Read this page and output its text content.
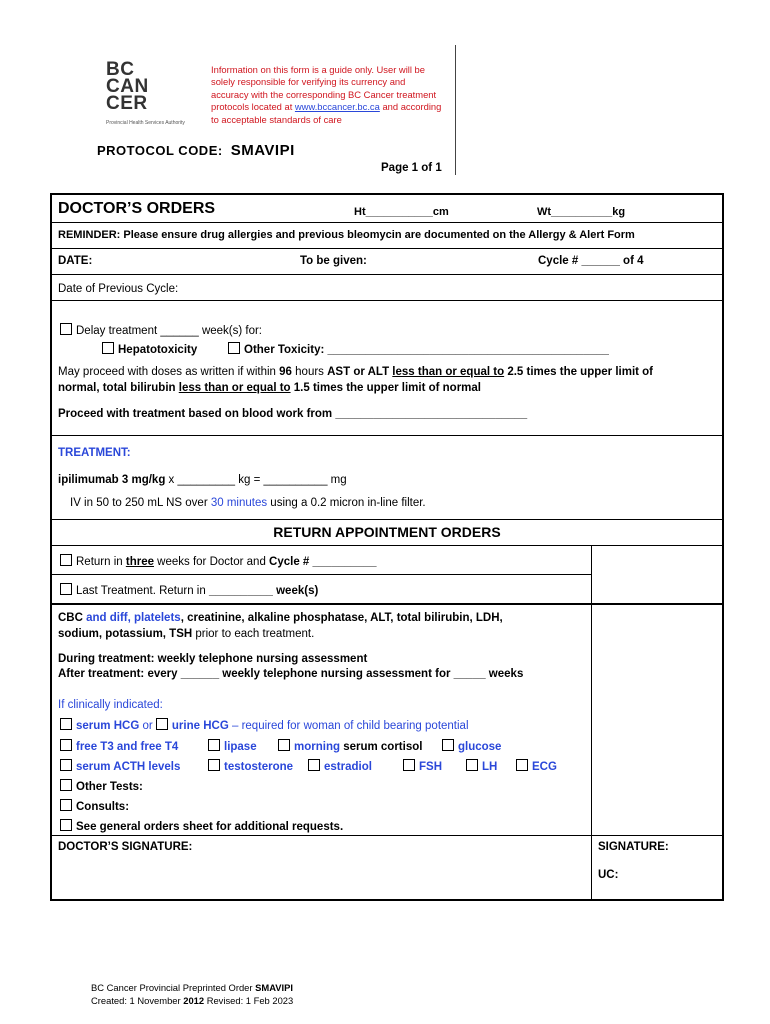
BC
CAN
CER
Provincial Health Services Authority
Information on this form is a guide only. User will be solely responsible for verifying its currency and accuracy with the corresponding BC Cancer treatment protocols located at www.bccancer.bc.ca and according to acceptable standards of care
PROTOCOL CODE: SMAVIPI
Page 1 of 1
DOCTOR’S ORDERS	Ht___________cm	Wt__________kg
REMINDER: Please ensure drug allergies and previous bleomycin are documented on the Allergy & Alert Form
DATE:	To be given:	Cycle # ______ of 4
Date of Previous Cycle:
Delay treatment ______ week(s) for:
Hepatotoxicity	Other Toxicity: ____________________________________________
May proceed with doses as written if within 96 hours AST or ALT less than or equal to 2.5 times the upper limit of
normal, total bilirubin less than or equal to 1.5 times the upper limit of normal
Proceed with treatment based on blood work from ______________________________
TREATMENT:
ipilimumab 3 mg/kg x _________ kg = __________ mg
IV in 50 to 250 mL NS over 30 minutes using a 0.2 micron in-line filter.
RETURN APPOINTMENT ORDERS
Return in three weeks for Doctor and Cycle # __________
Last Treatment. Return in __________ week(s)
CBC and diff, platelets, creatinine, alkaline phosphatase, ALT, total bilirubin, LDH,
sodium, potassium, TSH prior to each treatment.
During treatment: weekly telephone nursing assessment
After treatment: every ______ weekly telephone nursing assessment for _____ weeks
If clinically indicated:
serum HCG or urine HCG – required for woman of child bearing potential
free T3 and free T4	lipase	morning serum cortisol	glucose
serum ACTH levels	testosterone	estradiol	FSH	LH	ECG
Other Tests:
Consults:
See general orders sheet for additional requests.
DOCTOR’S SIGNATURE:	SIGNATURE:
UC:
BC Cancer Provincial Preprinted Order SMAVIPI
Created: 1 November 2012 Revised: 1 Feb 2023
